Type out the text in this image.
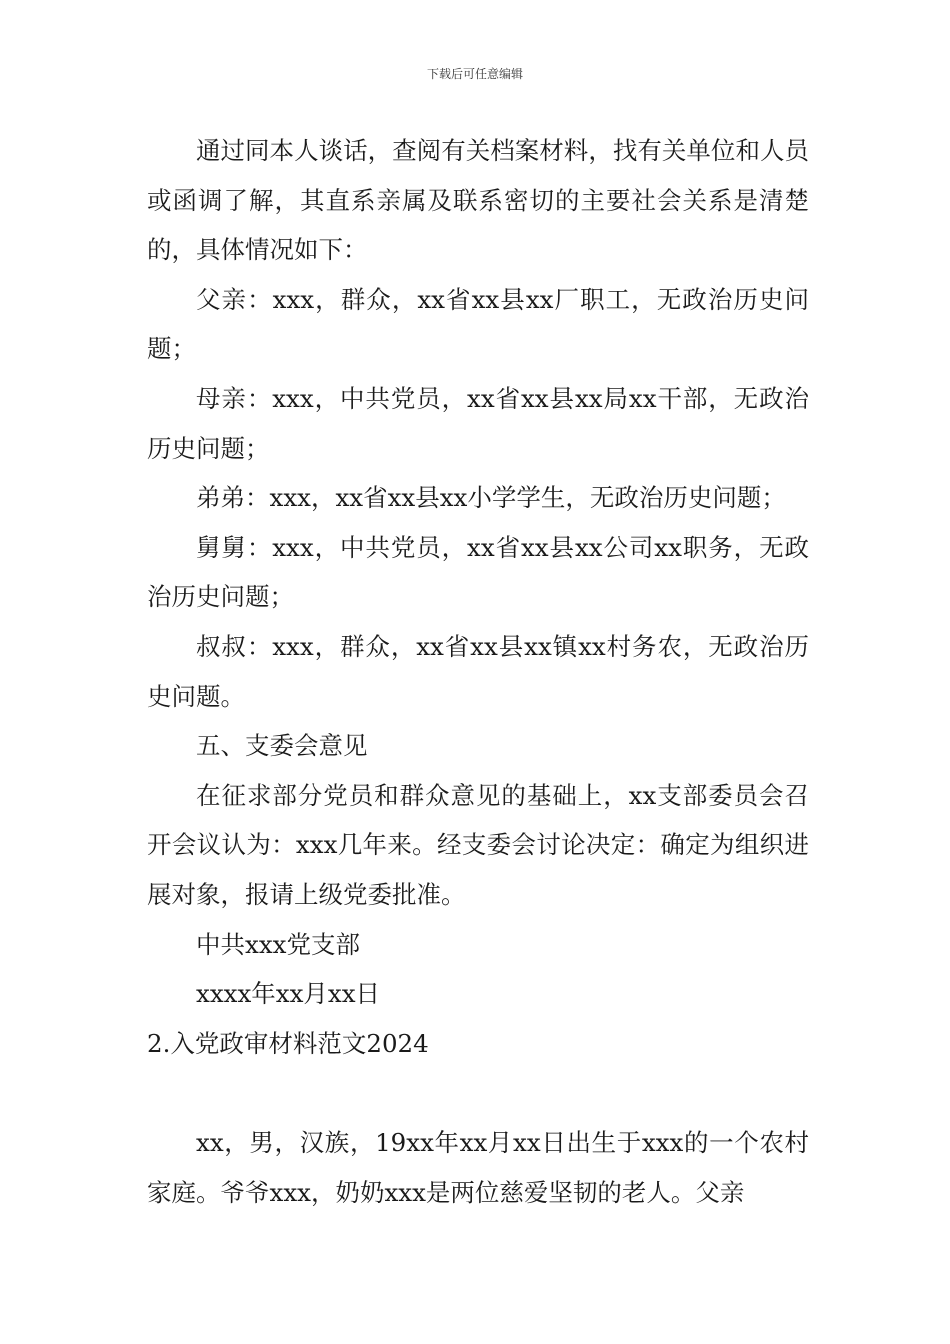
下载后可任意编辑

通过同本人谈话，查阅有关档案材料，找有关单位和人员或函调了解，其直系亲属及联系密切的主要社会关系是清楚的，具体情况如下：

父亲：xxx，群众，xx省xx县xx厂职工，无政治历史问题；

母亲：xxx，中共党员，xx省xx县xx局xx干部，无政治历史问题；

弟弟：xxx，xx省xx县xx小学学生，无政治历史问题；

舅舅：xxx，中共党员，xx省xx县xx公司xx职务，无政治历史问题；

叔叔：xxx，群众，xx省xx县xx镇xx村务农，无政治历史问题。

五、支委会意见

在征求部分党员和群众意见的基础上，xx支部委员会召开会议认为：xxx几年来。经支委会讨论决定：确定为组织进展对象，报请上级党委批准。

中共xxx党支部

xxxx年xx月xx日

2.入党政审材料范文2024

xx，男，汉族，19xx年xx月xx日出生于xxx的一个农村家庭。爷爷xxx，奶奶xxx是两位慈爱坚韧的老人。父亲
